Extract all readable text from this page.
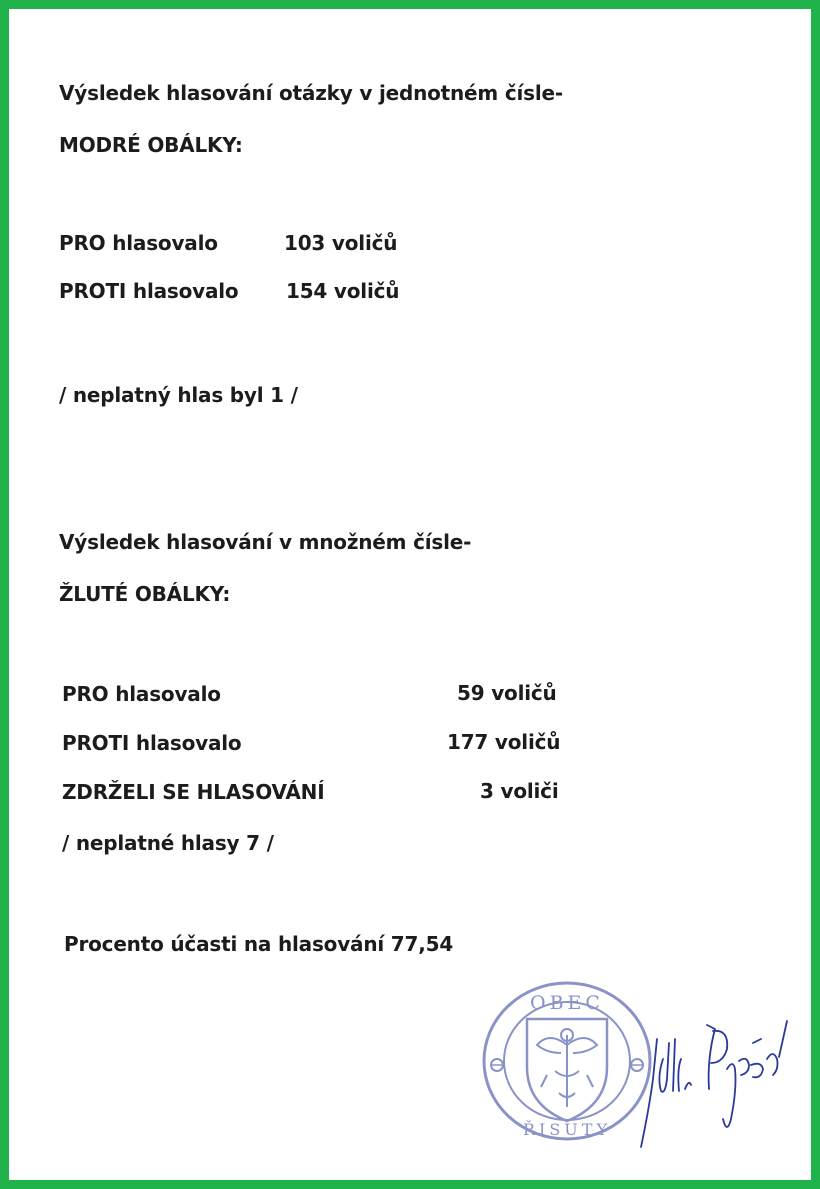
Výsledek hlasování otázky v jednotném čísle-
MODRÉ OBÁLKY:
PRO hlasovalo	103 voličů
PROTI hlasovalo 154 voličů
/ neplatný hlas byl 1 /
Výsledek hlasování v množném čísle-
ŽLUTÉ OBÁLKY:
PRO hlasovalo	59 voličů
PROTI hlasovalo	177 voličů
ZDRŽELI SE HLASOVÁNÍ	3 voliči
/ neplatné hlasy 7 /
Procento účasti na hlasování 77,54
OBEC
ŘISUTY
